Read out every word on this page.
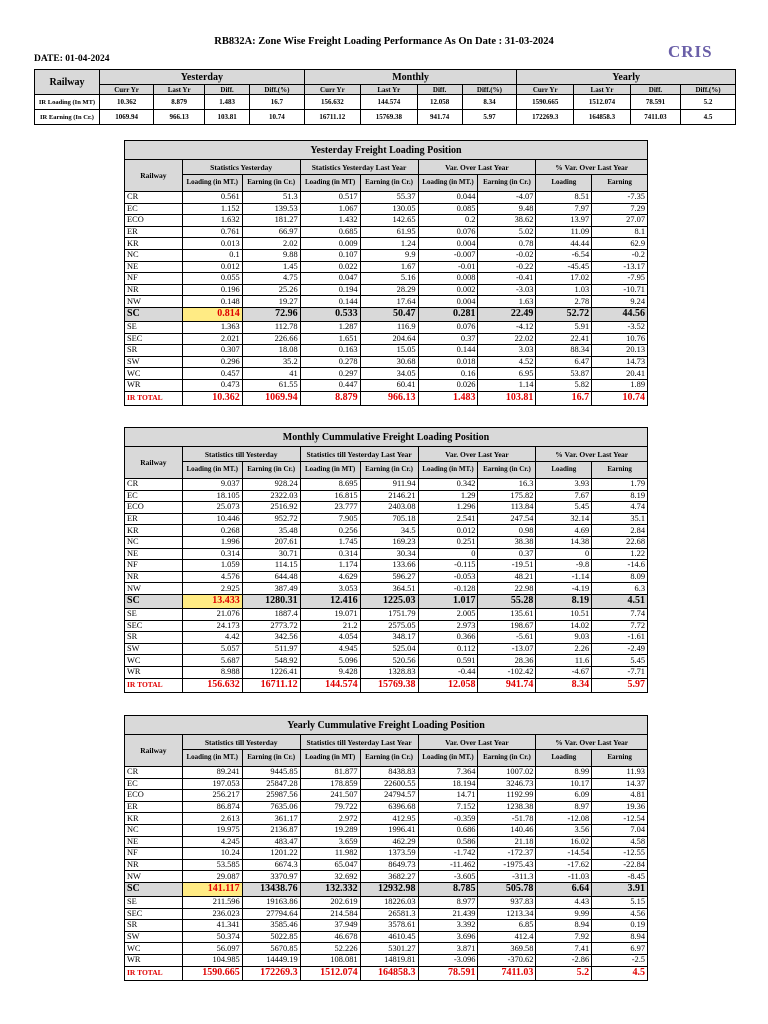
RB832A: Zone Wise Freight Loading Performance As On Date : 31-03-2024
DATE: 01-04-2024	CRIS
Railway	Yesterday				Monthly				Yearly			
	Curr Yr	Last Yr	Diff.	Diff.(%)	Curr Yr	Last Yr	Diff.	Diff.(%)	Curr Yr	Last Yr	Diff.	Diff.(%)
IR Loading (In MT)	10.362	8.879	1.483	16.7	156.632	144.574	12.058	8.34	1590.665	1512.074	78.591	5.2
IR Earning (In Cr.)	1069.94	966.13	103.81	10.74	16711.12	15769.38	941.74	5.97	172269.3	164858.3	7411.03	4.5
Yesterday Freight Loading Position								
Railway	Statistics Yesterday		Statistics Yesterday Last Year		Var. Over Last Year		% Var. Over Last Year	
	Loading (in MT.)	Earning (in Cr.)	Loading (in MT)	Earning (in Cr.)	Loading (in MT.)	Earning (in Cr.)	Loading	Earning
CR	0.561	51.3	0.517	55.37	0.044	-4.07	8.51	-7.35
EC	1.152	139.53	1.067	130.05	0.085	9.48	7.97	7.29
ECO	1.632	181.27	1.432	142.65	0.2	38.62	13.97	27.07
ER	0.761	66.97	0.685	61.95	0.076	5.02	11.09	8.1
KR	0.013	2.02	0.009	1.24	0.004	0.78	44.44	62.9
NC	0.1	9.88	0.107	9.9	-0.007	-0.02	-6.54	-0.2
NE	0.012	1.45	0.022	1.67	-0.01	-0.22	-45.45	-13.17
NF	0.055	4.75	0.047	5.16	0.008	-0.41	17.02	-7.95
NR	0.196	25.26	0.194	28.29	0.002	-3.03	1.03	-10.71
NW	0.148	19.27	0.144	17.64	0.004	1.63	2.78	9.24
SC	0.814	72.96	0.533	50.47	0.281	22.49	52.72	44.56
SE	1.363	112.78	1.287	116.9	0.076	-4.12	5.91	-3.52
SEC	2.021	226.66	1.651	204.64	0.37	22.02	22.41	10.76
SR	0.307	18.08	0.163	15.05	0.144	3.03	88.34	20.13
SW	0.296	35.2	0.278	30.68	0.018	4.52	6.47	14.73
WC	0.457	41	0.297	34.05	0.16	6.95	53.87	20.41
WR	0.473	61.55	0.447	60.41	0.026	1.14	5.82	1.89
IR TOTAL	10.362	1069.94	8.879	966.13	1.483	103.81	16.7	10.74
Monthly Cummulative Freight Loading Position								
Railway	Statistics till Yesterday		Statistics till Yesterday Last Year		Var. Over Last Year		% Var. Over Last Year	
	Loading (in MT.)	Earning (in Cr.)	Loading (in MT)	Earning (in Cr.)	Loading (in MT.)	Earning (in Cr.)	Loading	Earning
CR	9.037	928.24	8.695	911.94	0.342	16.3	3.93	1.79
EC	18.105	2322.03	16.815	2146.21	1.29	175.82	7.67	8.19
ECO	25.073	2516.92	23.777	2403.08	1.296	113.84	5.45	4.74
ER	10.446	952.72	7.905	705.18	2.541	247.54	32.14	35.1
KR	0.268	35.48	0.256	34.5	0.012	0.98	4.69	2.84
NC	1.996	207.61	1.745	169.23	0.251	38.38	14.38	22.68
NE	0.314	30.71	0.314	30.34	0	0.37	0	1.22
NF	1.059	114.15	1.174	133.66	-0.115	-19.51	-9.8	-14.6
NR	4.576	644.48	4.629	596.27	-0.053	48.21	-1.14	8.09
NW	2.925	387.49	3.053	364.51	-0.128	22.98	-4.19	6.3
SC	13.433	1280.31	12.416	1225.03	1.017	55.28	8.19	4.51
SE	21.076	1887.4	19.071	1751.79	2.005	135.61	10.51	7.74
SEC	24.173	2773.72	21.2	2575.05	2.973	198.67	14.02	7.72
SR	4.42	342.56	4.054	348.17	0.366	-5.61	9.03	-1.61
SW	5.057	511.97	4.945	525.04	0.112	-13.07	2.26	-2.49
WC	5.687	548.92	5.096	520.56	0.591	28.36	11.6	5.45
WR	8.988	1226.41	9.428	1328.83	-0.44	-102.42	-4.67	-7.71
IR TOTAL	156.632	16711.12	144.574	15769.38	12.058	941.74	8.34	5.97
Yearly Cummulative Freight Loading Position								
Railway	Statistics till Yesterday		Statistics till Yesterday Last Year		Var. Over Last Year		% Var. Over Last Year	
	Loading (in MT.)	Earning (in Cr.)	Loading (in MT)	Earning (in Cr.)	Loading (in MT.)	Earning (in Cr.)	Loading	Earning
CR	89.241	9445.85	81.877	8438.83	7.364	1007.02	8.99	11.93
EC	197.053	25847.28	178.859	22600.55	18.194	3246.73	10.17	14.37
ECO	256.217	25987.56	241.507	24794.57	14.71	1192.99	6.09	4.81
ER	86.874	7635.06	79.722	6396.68	7.152	1238.38	8.97	19.36
KR	2.613	361.17	2.972	412.95	-0.359	-51.78	-12.08	-12.54
NC	19.975	2136.87	19.289	1996.41	0.686	140.46	3.56	7.04
NE	4.245	483.47	3.659	462.29	0.586	21.18	16.02	4.58
NF	10.24	1201.22	11.982	1373.59	-1.742	-172.37	-14.54	-12.55
NR	53.585	6674.3	65.047	8649.73	-11.462	-1975.43	-17.62	-22.84
NW	29.087	3370.97	32.692	3682.27	-3.605	-311.3	-11.03	-8.45
SC	141.117	13438.76	132.332	12932.98	8.785	505.78	6.64	3.91
SE	211.596	19163.86	202.619	18226.03	8.977	937.83	4.43	5.15
SEC	236.023	27794.64	214.584	26581.3	21.439	1213.34	9.99	4.56
SR	41.341	3585.46	37.949	3578.61	3.392	6.85	8.94	0.19
SW	50.374	5022.85	46.678	4610.45	3.696	412.4	7.92	8.94
WC	56.097	5670.85	52.226	5301.27	3.871	369.58	7.41	6.97
WR	104.985	14449.19	108.081	14819.81	-3.096	-370.62	-2.86	-2.5
IR TOTAL	1590.665	172269.3	1512.074	164858.3	78.591	7411.03	5.2	4.5
